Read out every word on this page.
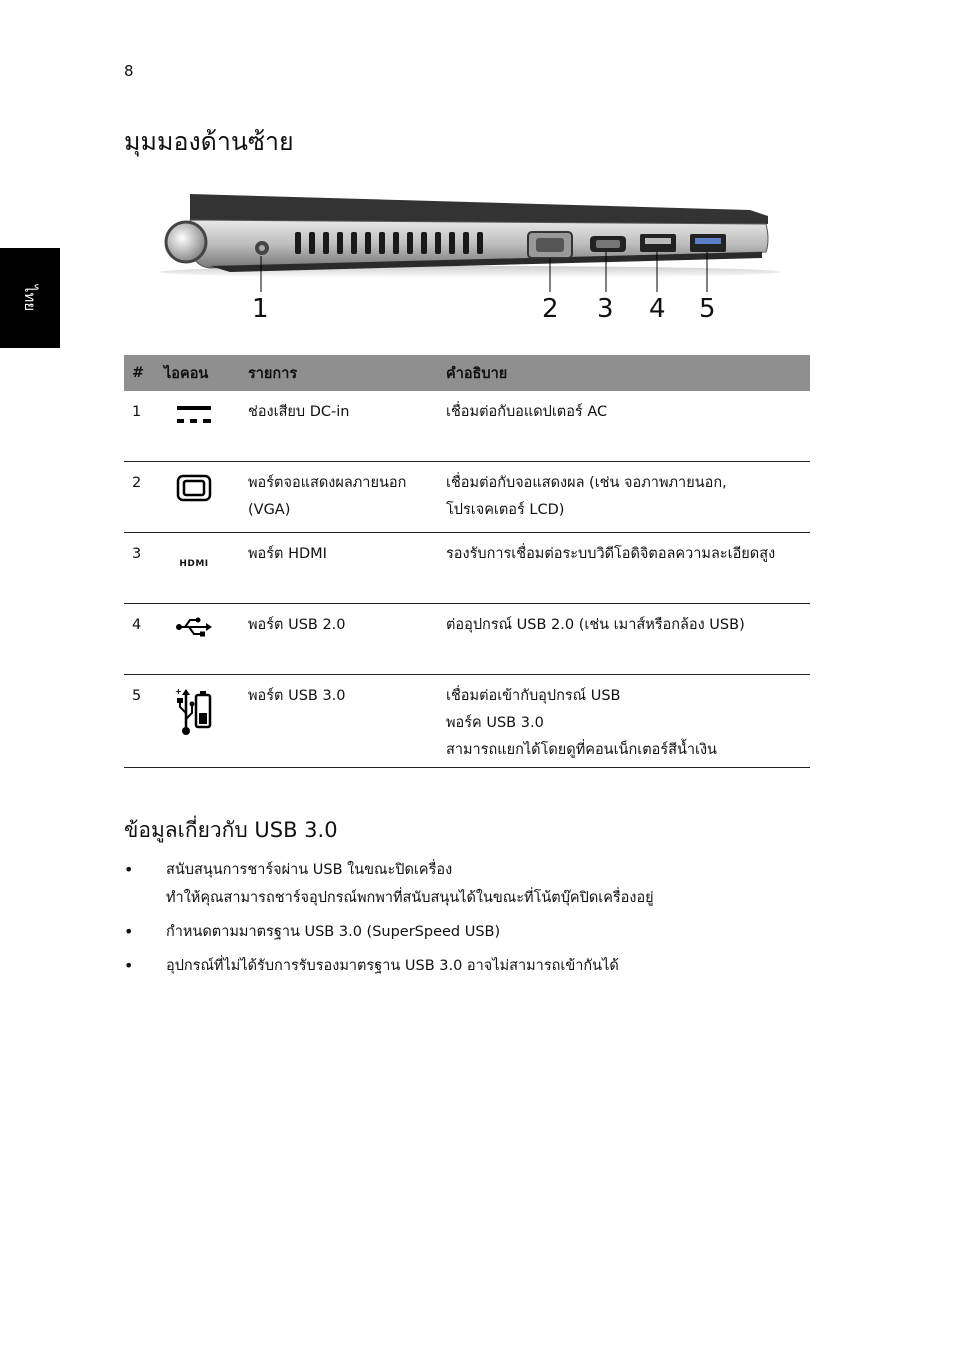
8
ไทย
มุมมองด้านซ้าย
1	2 3 4 5
#	ไอคอน	รายการ	คำอธิบาย
1		ช่องเสียบ DC-in	เชื่อมต่อกับอแดปเตอร์ AC

2		พอร์ตจอแสดงผลภายนอก (VGA)	เชื่อมต่อกับจอแสดงผล (เช่น จอภาพภายนอก,
โปรเจคเตอร์ LCD)

3	HDMI	พอร์ต HDMI	รองรับการเชื่อมต่อระบบวิดีโอดิจิตอลความละเอียดสูง

4		พอร์ต USB 2.0	ต่ออุปกรณ์ USB 2.0 (เช่น เมาส์หรือกล้อง USB)

5	+	พอร์ต USB 3.0	เชื่อมต่อเข้ากับอุปกรณ์ USB
พอร์ค USB 3.0
สามารถแยกได้โดยดูที่คอนเน็กเตอร์สีน้ำเงิน
ข้อมูลเกี่ยวกับ USB 3.0
• สนับสนุนการชาร์จผ่าน USB ในขณะปิดเครื่อง
ทำให้คุณสามารถชาร์จอุปกรณ์พกพาที่สนับสนุนได้ในขณะที่โน้ตบุ๊คปิดเครื่องอยู่
• กำหนดตามมาตรฐาน USB 3.0 (SuperSpeed USB)
• อุปกรณ์ที่ไม่ได้รับการรับรองมาตรฐาน USB 3.0 อาจไม่สามารถเข้ากันได้
